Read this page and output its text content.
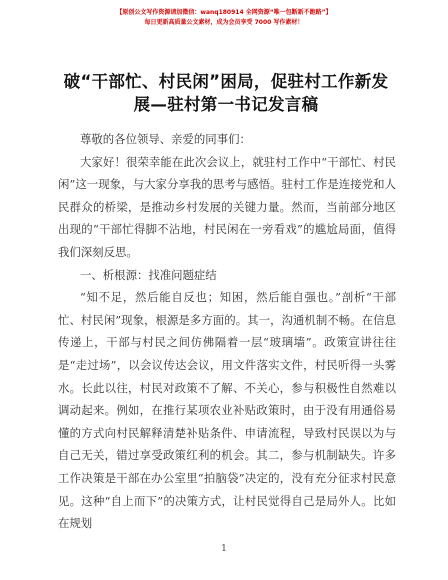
【原创公文写作资源请加微信：wanq180914 全网资源“唯一包断新不跑路”】
每日更新高质量公文素材，成为会员享受 7000 写作素材！
破“干部忙、村民闲”困局，促驻村工作新发展—驻村第一书记发言稿

尊敬的各位领导、亲爱的同事们：

大家好！很荣幸能在此次会议上，就驻村工作中“干部忙、村民闲”这一现象，与大家分享我的思考与感悟。驻村工作是连接党和人民群众的桥梁，是推动乡村发展的关键力量。然而，当前部分地区出现的“干部忙得脚不沾地，村民闲在一旁看戏”的尴尬局面，值得我们深刻反思。

一、析根源：找准问题症结

“知不足，然后能自反也；知困，然后能自强也。”剖析“干部忙、村民闲”现象，根源是多方面的。其一，沟通机制不畅。在信息传递上，干部与村民之间仿佛隔着一层“玻璃墙”。政策宣讲往往是“走过场”，以会议传达会议，用文件落实文件，村民听得一头雾水。长此以往，村民对政策不了解、不关心，参与积极性自然难以调动起来。例如，在推行某项农业补贴政策时，由于没有用通俗易懂的方式向村民解释清楚补贴条件、申请流程，导致村民误以为与自己无关，错过享受政策红利的机会。其二，参与机制缺失。许多工作决策是干部在办公室里“拍脑袋”决定的，没有充分征求村民意见。这种“自上而下”的决策方式，让村民觉得自己是局外人。比如在规划

1
